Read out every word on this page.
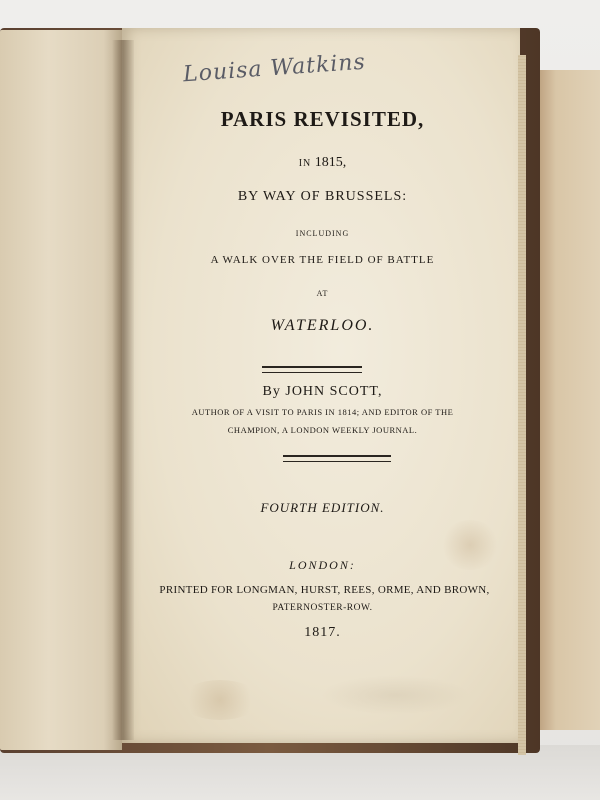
Louisa Watkins
PARIS REVISITED,
IN 1815,
BY WAY OF BRUSSELS:
INCLUDING
A WALK OVER THE FIELD OF BATTLE
AT
WATERLOO.
By JOHN SCOTT,
AUTHOR OF A VISIT TO PARIS IN 1814; AND EDITOR OF THE
CHAMPION, A LONDON WEEKLY JOURNAL.
FOURTH EDITION.
LONDON:
PRINTED FOR LONGMAN, HURST, REES, ORME, AND BROWN,
PATERNOSTER-ROW.
1817.
